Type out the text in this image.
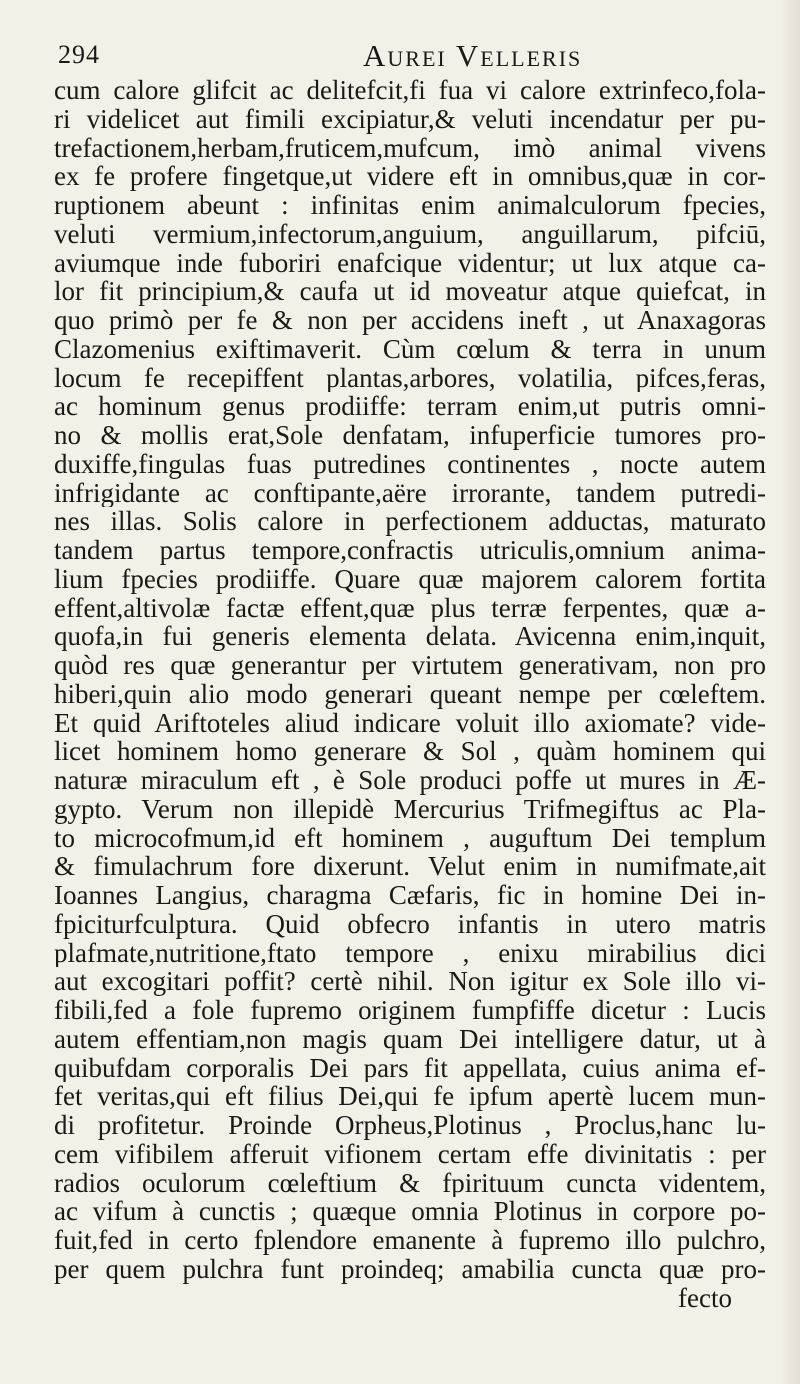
294	Aurei Velleris
cum calore glifcit ac delitefcit,fi fua vi calore extrinfeco,fola-
ri videlicet aut fimili excipiatur,& veluti incendatur per pu-
trefactionem,herbam,fruticem,mufcum, imò animal vivens
ex fe profere fingetque,ut videre eft in omnibus,quæ in cor-
ruptionem abeunt : infinitas enim animalculorum fpecies,
veluti vermium,infectorum,anguium, anguillarum, pifciū,
aviumque inde fuboriri enafcique videntur; ut lux atque ca-
lor fit principium,& caufa ut id moveatur atque quiefcat, in
quo primò per fe & non per accidens ineft , ut Anaxagoras
Clazomenius exiftimaverit. Cùm cœlum & terra in unum
locum fe recepiffent plantas,arbores, volatilia, pifces,feras,
ac hominum genus prodiiffe: terram enim,ut putris omni-
no & mollis erat,Sole denfatam, infuperficie tumores pro-
duxiffe,fingulas fuas putredines continentes , nocte autem
infrigidante ac conftipante,aëre irrorante, tandem putredi-
nes illas. Solis calore in perfectionem adductas, maturato
tandem partus tempore,confractis utriculis,omnium anima-
lium fpecies prodiiffe. Quare quæ majorem calorem fortita
effent,altivolæ factæ effent,quæ plus terræ ferpentes, quæ a-
quofa,in fui generis elementa delata. Avicenna enim,inquit,
quòd res quæ generantur per virtutem generativam, non pro
hiberi,quin alio modo generari queant nempe per cœleftem.
Et quid Ariftoteles aliud indicare voluit illo axiomate? vide-
licet hominem homo generare & Sol , quàm hominem qui
naturæ miraculum eft , è Sole produci poffe ut mures in Æ-
gypto. Verum non illepidè Mercurius Trifmegiftus ac Pla-
to microcofmum,id eft hominem , auguftum Dei templum
& fimulachrum fore dixerunt. Velut enim in numifmate,ait
Ioannes Langius, charagma Cæfaris, fic in homine Dei in-
fpiciturfculptura. Quid obfecro infantis in utero matris
plafmate,nutritione,ftato tempore , enixu mirabilius dici
aut excogitari poffit? certè nihil. Non igitur ex Sole illo vi-
fibili,fed a fole fupremo originem fumpfiffe dicetur : Lucis
autem effentiam,non magis quam Dei intelligere datur, ut à
quibufdam corporalis Dei pars fit appellata, cuius anima ef-
fet veritas,qui eft filius Dei,qui fe ipfum apertè lucem mun-
di profitetur. Proinde Orpheus,Plotinus , Proclus,hanc lu-
cem vifibilem afferuit vifionem certam effe divinitatis : per
radios oculorum cœleftium & fpirituum cuncta videntem,
ac vifum à cunctis ; quæque omnia Plotinus in corpore po-
fuit,fed in certo fplendore emanente à fupremo illo pulchro,
per quem pulchra funt proindeq; amabilia cuncta quæ pro-
fecto
